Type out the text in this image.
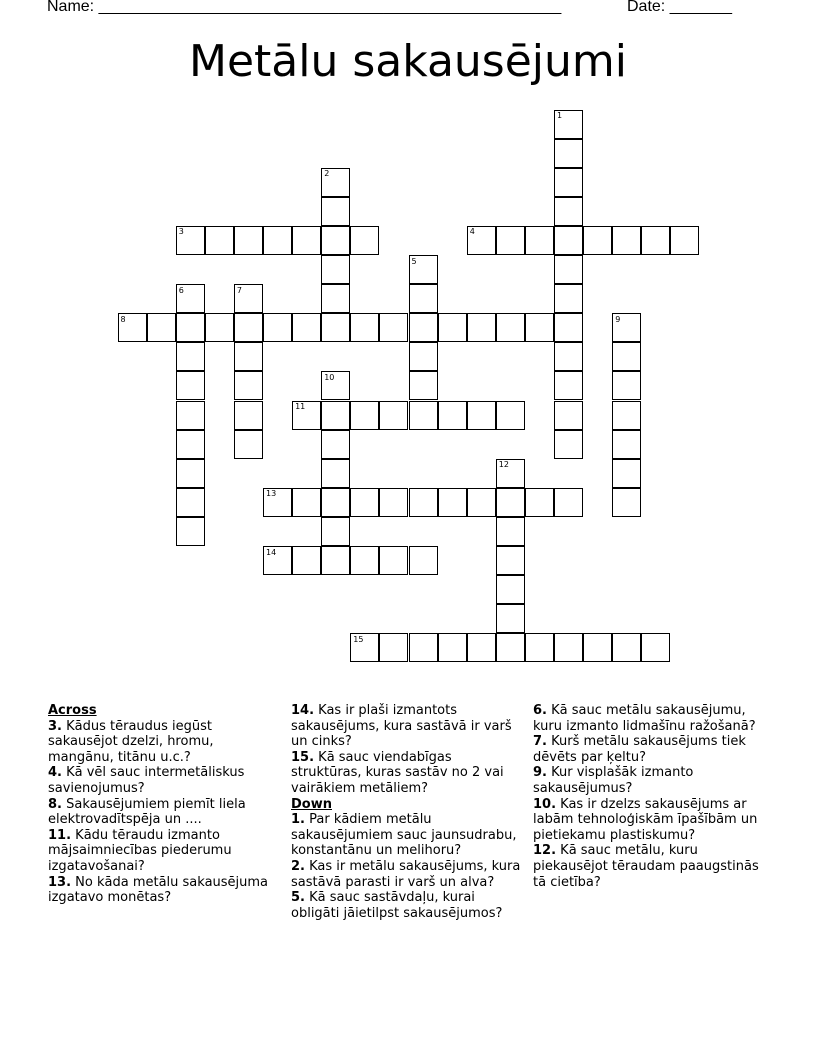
Name: ____________________________________________________	Date: _______
Metālu sakausējumi
1
2
3	4
5
6	7
8	9
10
11
12
13
14
15
Across

3. Kādus tēraudus iegūst sakausējot dzelzi, hromu, mangānu, titānu u.c.?

4. Kā vēl sauc intermetāliskus savienojumus?

8. Sakausējumiem piemīt liela elektrovadītspēja un ....

11. Kādu tēraudu izmanto mājsaimniecības piederumu izgatavošanai?

13. No kāda metālu sakausējuma izgatavo monētas?

14. Kas ir plaši izmantots sakausējums, kura sastāvā ir varš un cinks?

15. Kā sauc viendabīgas struktūras, kuras sastāv no 2 vai vairākiem metāliem?

Down

1. Par kādiem metālu sakausējumiem sauc jaunsudrabu, konstantānu un melihoru?

2. Kas ir metālu sakausējums, kura sastāvā parasti ir varš un alva?

5. Kā sauc sastāvdaļu, kurai obligāti jāietilpst sakausējumos?

6. Kā sauc metālu sakausējumu, kuru izmanto lidmašīnu ražošanā?

7. Kurš metālu sakausējums tiek dēvēts par ķeltu?

9. Kur visplašāk izmanto sakausējumus?

10. Kas ir dzelzs sakausējums ar labām tehnoloģiskām īpašībām un pietiekamu plastiskumu?

12. Kā sauc metālu, kuru piekausējot tēraudam paaugstinās tā cietība?
